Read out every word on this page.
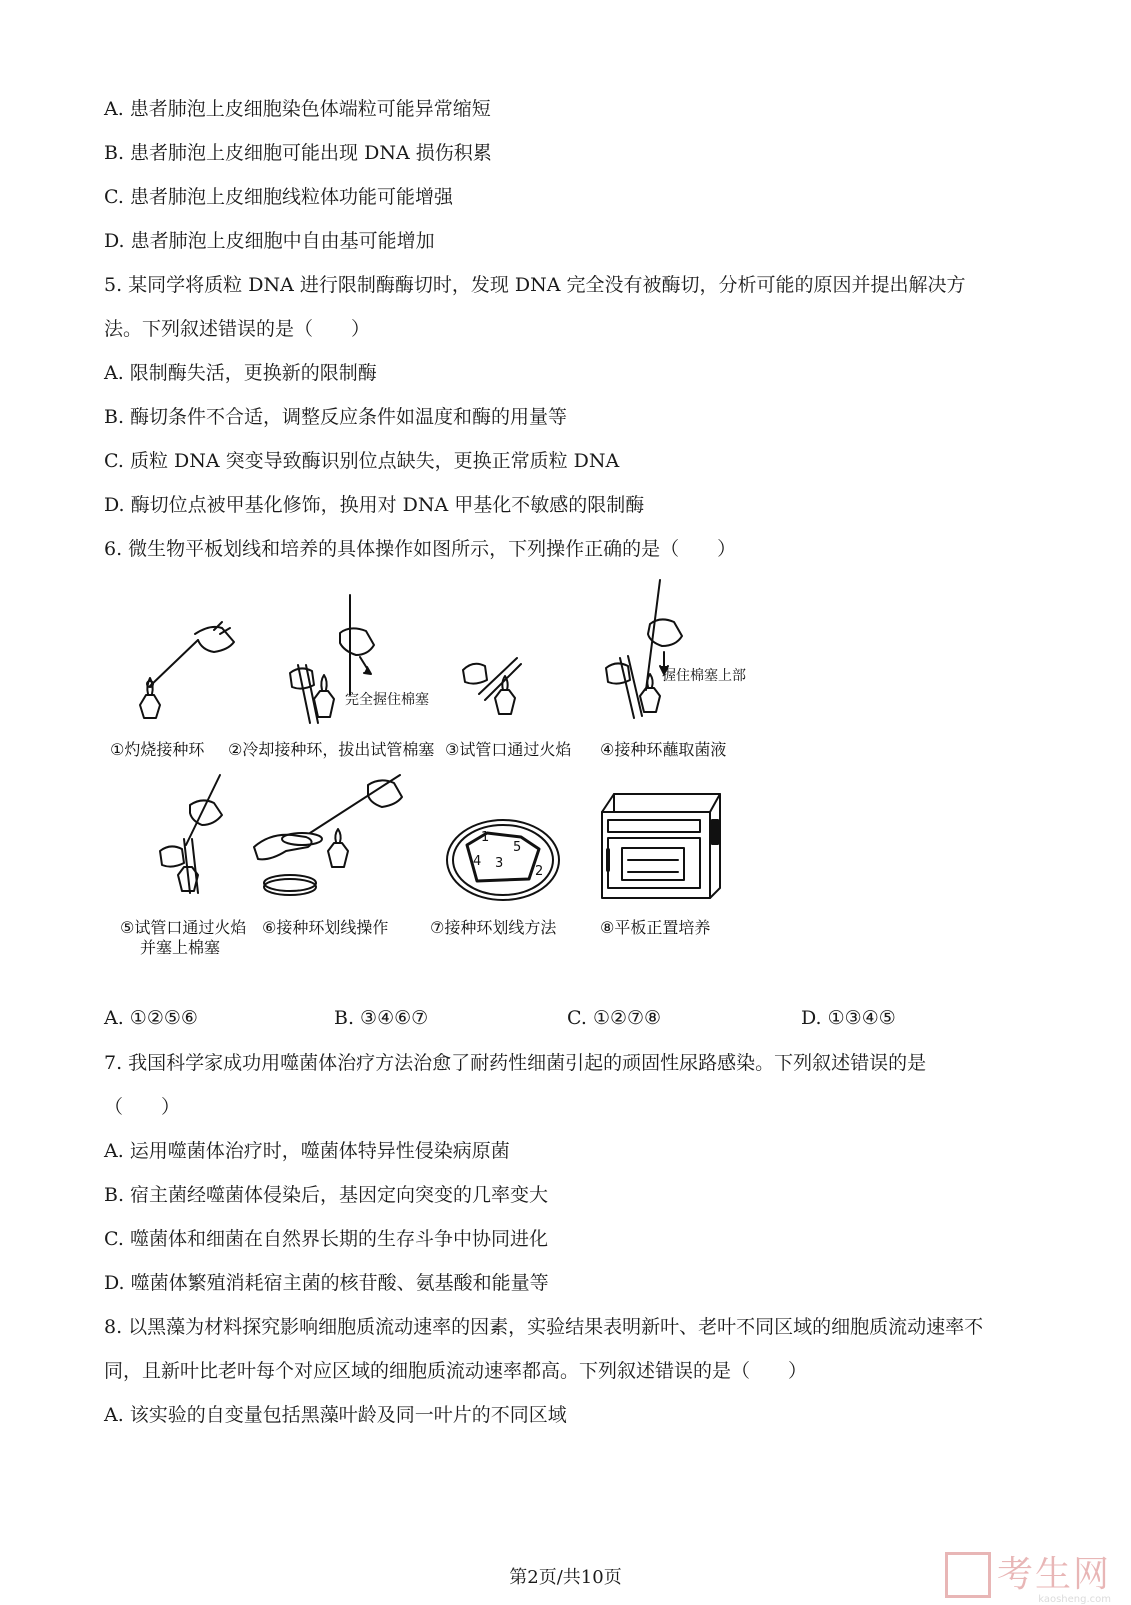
A. 患者肺泡上皮细胞染色体端粒可能异常缩短
B. 患者肺泡上皮细胞可能出现 DNA 损伤积累
C. 患者肺泡上皮细胞线粒体功能可能增强
D. 患者肺泡上皮细胞中自由基可能增加
5. 某同学将质粒 DNA 进行限制酶酶切时，发现 DNA 完全没有被酶切，分析可能的原因并提出解决方
法。下列叙述错误的是（　　）
A. 限制酶失活，更换新的限制酶
B. 酶切条件不合适，调整反应条件如温度和酶的用量等
C. 质粒 DNA 突变导致酶识别位点缺失，更换正常质粒 DNA
D. 酶切位点被甲基化修饰，换用对 DNA 甲基化不敏感的限制酶
6. 微生物平板划线和培养的具体操作如图所示，下列操作正确的是（　　）
①灼烧接种环
完全握住棉塞
②冷却接种环，拔出试管棉塞 ③试管口通过火焰
握住棉塞上部
④接种环蘸取菌液
⑤试管口通过火焰
并塞上棉塞
⑥接种环划线操作
1
2
3
4
5
⑦接种环划线方法	⑧平板正置培养
A. ①②⑤⑥	B. ③④⑥⑦	C. ①②⑦⑧	D. ①③④⑤
7. 我国科学家成功用噬菌体治疗方法治愈了耐药性细菌引起的顽固性尿路感染。下列叙述错误的是
（　　）
A. 运用噬菌体治疗时，噬菌体特异性侵染病原菌
B. 宿主菌经噬菌体侵染后，基因定向突变的几率变大
C. 噬菌体和细菌在自然界长期的生存斗争中协同进化
D. 噬菌体繁殖消耗宿主菌的核苷酸、氨基酸和能量等
8. 以黑藻为材料探究影响细胞质流动速率的因素，实验结果表明新叶、老叶不同区域的细胞质流动速率不
同，且新叶比老叶每个对应区域的细胞质流动速率都高。下列叙述错误的是（　　）
A. 该实验的自变量包括黑藻叶龄及同一叶片的不同区域
第2页/共10页	考生网
kaosheng.com
